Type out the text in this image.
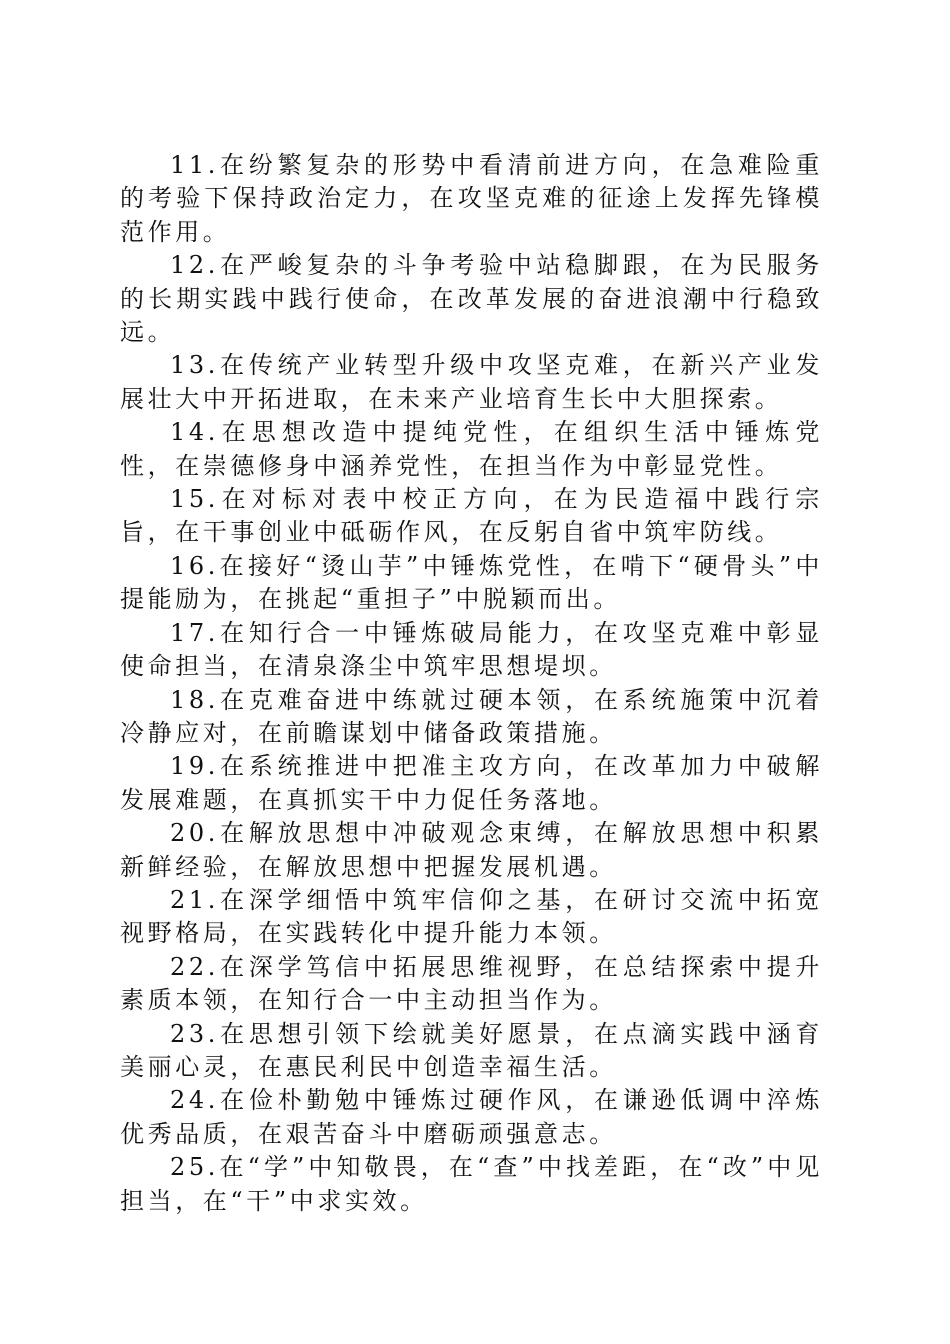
11.在纷繁复杂的形势中看清前进方向，在急难险重的考验下保持政治定力，在攻坚克难的征途上发挥先锋模范作用。

12.在严峻复杂的斗争考验中站稳脚跟，在为民服务的长期实践中践行使命，在改革发展的奋进浪潮中行稳致远。

13.在传统产业转型升级中攻坚克难，在新兴产业发展壮大中开拓进取，在未来产业培育生长中大胆探索。

14.在思想改造中提纯党性，在组织生活中锤炼党性，在崇德修身中涵养党性，在担当作为中彰显党性。

15.在对标对表中校正方向，在为民造福中践行宗旨，在干事创业中砥砺作风，在反躬自省中筑牢防线。

16.在接好“烫山芋”中锤炼党性，在啃下“硬骨头”中提能励为，在挑起“重担子”中脱颖而出。

17.在知行合一中锤炼破局能力，在攻坚克难中彰显使命担当，在清泉涤尘中筑牢思想堤坝。

18.在克难奋进中练就过硬本领，在系统施策中沉着冷静应对，在前瞻谋划中储备政策措施。

19.在系统推进中把准主攻方向，在改革加力中破解发展难题，在真抓实干中力促任务落地。

20.在解放思想中冲破观念束缚，在解放思想中积累新鲜经验，在解放思想中把握发展机遇。

21.在深学细悟中筑牢信仰之基，在研讨交流中拓宽视野格局，在实践转化中提升能力本领。

22.在深学笃信中拓展思维视野，在总结探索中提升素质本领，在知行合一中主动担当作为。

23.在思想引领下绘就美好愿景，在点滴实践中涵育美丽心灵，在惠民利民中创造幸福生活。

24.在俭朴勤勉中锤炼过硬作风，在谦逊低调中淬炼优秀品质，在艰苦奋斗中磨砺顽强意志。

25.在“学”中知敬畏，在“查”中找差距，在“改”中见担当，在“干”中求实效。
